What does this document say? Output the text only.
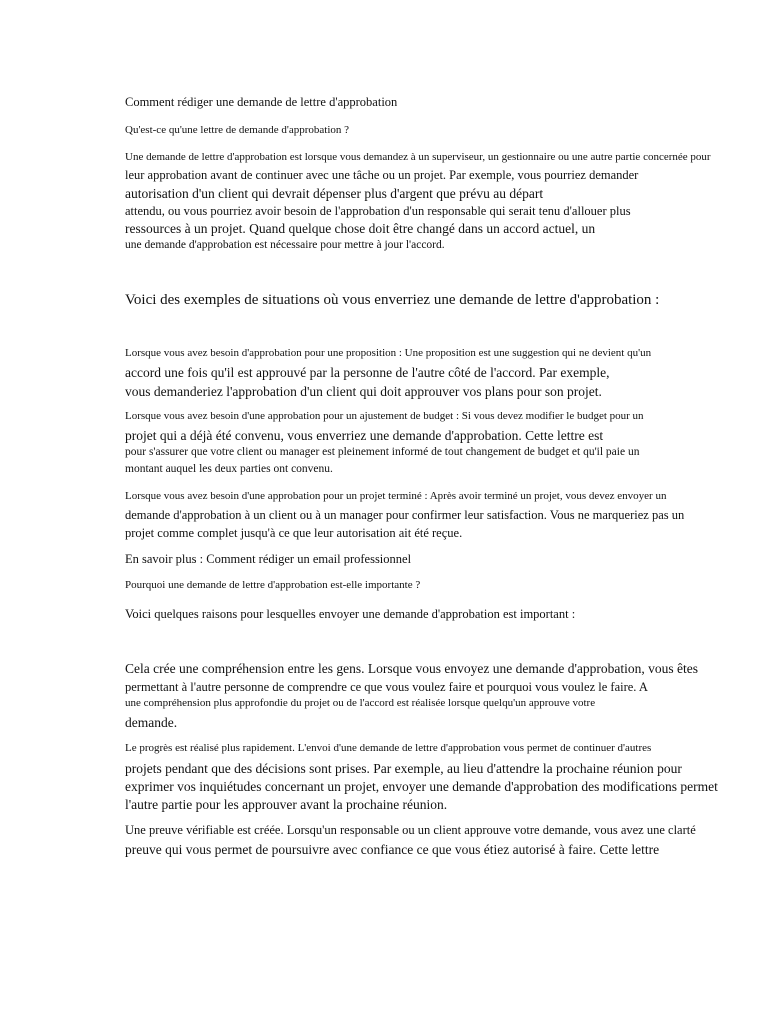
Comment rédiger une demande de lettre d'approbation
Qu'est-ce qu'une lettre de demande d'approbation ?
Une demande de lettre d'approbation est lorsque vous demandez à un superviseur, un gestionnaire ou une autre partie concernée pour
leur approbation avant de continuer avec une tâche ou un projet. Par exemple, vous pourriez demander
autorisation d'un client qui devrait dépenser plus d'argent que prévu au départ
attendu, ou vous pourriez avoir besoin de l'approbation d'un responsable qui serait tenu d'allouer plus
ressources à un projet. Quand quelque chose doit être changé dans un accord actuel, un
une demande d'approbation est nécessaire pour mettre à jour l'accord.
Voici des exemples de situations où vous enverriez une demande de lettre d'approbation :
Lorsque vous avez besoin d'approbation pour une proposition : Une proposition est une suggestion qui ne devient qu'un
accord une fois qu'il est approuvé par la personne de l'autre côté de l'accord. Par exemple,
vous demanderiez l'approbation d'un client qui doit approuver vos plans pour son projet.
Lorsque vous avez besoin d'une approbation pour un ajustement de budget : Si vous devez modifier le budget pour un
projet qui a déjà été convenu, vous enverriez une demande d'approbation. Cette lettre est
pour s'assurer que votre client ou manager est pleinement informé de tout changement de budget et qu'il paie un
montant auquel les deux parties ont convenu.
Lorsque vous avez besoin d'une approbation pour un projet terminé : Après avoir terminé un projet, vous devez envoyer un
demande d'approbation à un client ou à un manager pour confirmer leur satisfaction. Vous ne marqueriez pas un
projet comme complet jusqu'à ce que leur autorisation ait été reçue.
En savoir plus : Comment rédiger un email professionnel
Pourquoi une demande de lettre d'approbation est-elle importante ?
Voici quelques raisons pour lesquelles envoyer une demande d'approbation est important :
Cela crée une compréhension entre les gens. Lorsque vous envoyez une demande d'approbation, vous êtes
permettant à l'autre personne de comprendre ce que vous voulez faire et pourquoi vous voulez le faire. A
une compréhension plus approfondie du projet ou de l'accord est réalisée lorsque quelqu'un approuve votre
demande.
Le progrès est réalisé plus rapidement. L'envoi d'une demande de lettre d'approbation vous permet de continuer d'autres
projets pendant que des décisions sont prises. Par exemple, au lieu d'attendre la prochaine réunion pour
exprimer vos inquiétudes concernant un projet, envoyer une demande d'approbation des modifications permet
l'autre partie pour les approuver avant la prochaine réunion.
Une preuve vérifiable est créée. Lorsqu'un responsable ou un client approuve votre demande, vous avez une clarté
preuve qui vous permet de poursuivre avec confiance ce que vous étiez autorisé à faire. Cette lettre
